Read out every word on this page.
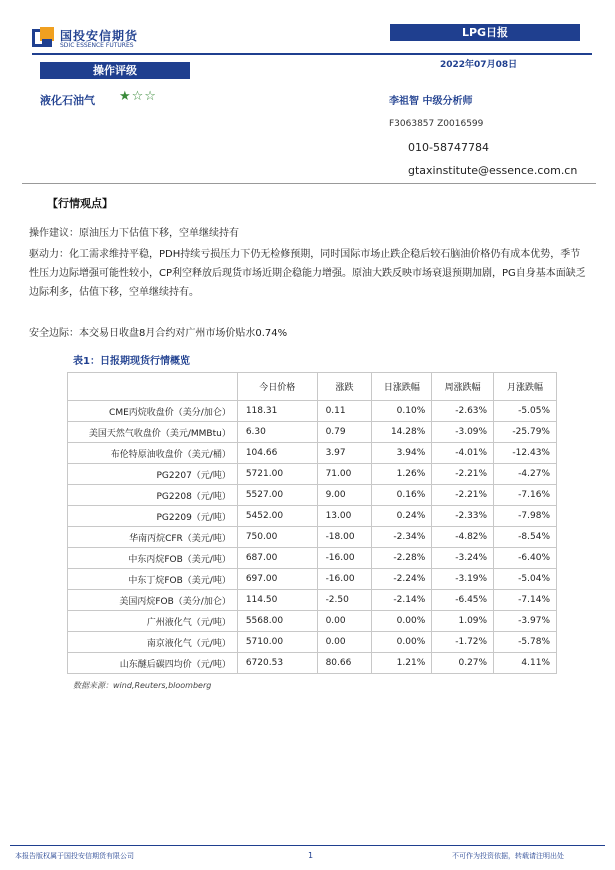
国投安信期货
SDIC ESSENCE FUTURES
LPG日报
2022年07月08日
操作评级
液化石油气 ★☆☆	李祖智 中级分析师
F3063857 Z0016599
010-58747784
gtaxinstitute@essence.com.cn
【行情观点】
操作建议：原油压力下估值下移，空单继续持有
驱动力：化工需求维持平稳，PDH持续亏损压力下仍无检修预期，同时国际市场止跌企稳后较石脑油价格仍有成本优势，季节性压力边际增强可能性较小，CP利空释放后现货市场近期企稳能力增强。原油大跌反映市场衰退预期加剧，PG自身基本面缺乏边际利多，估值下移，空单继续持有。
安全边际：本交易日收盘8月合约对广州市场价贴水0.74%
表1：日报期现货行情概览
	今日价格	涨跌	日涨跌幅	周涨跌幅	月涨跌幅
CME丙烷收盘价（美分/加仑）	118.31	0.11	0.10%	-2.63%	-5.05%
美国天然气收盘价（美元/MMBtu）	6.30	0.79	14.28%	-3.09%	-25.79%
布伦特原油收盘价（美元/桶）	104.66	3.97	3.94%	-4.01%	-12.43%
PG2207（元/吨）	5721.00	71.00	1.26%	-2.21%	-4.27%
PG2208（元/吨）	5527.00	9.00	0.16%	-2.21%	-7.16%
PG2209（元/吨）	5452.00	13.00	0.24%	-2.33%	-7.98%
华南丙烷CFR（美元/吨）	750.00	-18.00	-2.34%	-4.82%	-8.54%
中东丙烷FOB（美元/吨）	687.00	-16.00	-2.28%	-3.24%	-6.40%
中东丁烷FOB（美元/吨）	697.00	-16.00	-2.24%	-3.19%	-5.04%
美国丙烷FOB（美分/加仑）	114.50	-2.50	-2.14%	-6.45%	-7.14%
广州液化气（元/吨）	5568.00	0.00	0.00%	1.09%	-3.97%
南京液化气（元/吨）	5710.00	0.00	0.00%	-1.72%	-5.78%
山东醚后碳四均价（元/吨）	6720.53	80.66	1.21%	0.27%	4.11%
数据来源：wind,Reuters,bloomberg
本报告版权属于国投安信期货有限公司	1	不可作为投资依据，转载请注明出处
